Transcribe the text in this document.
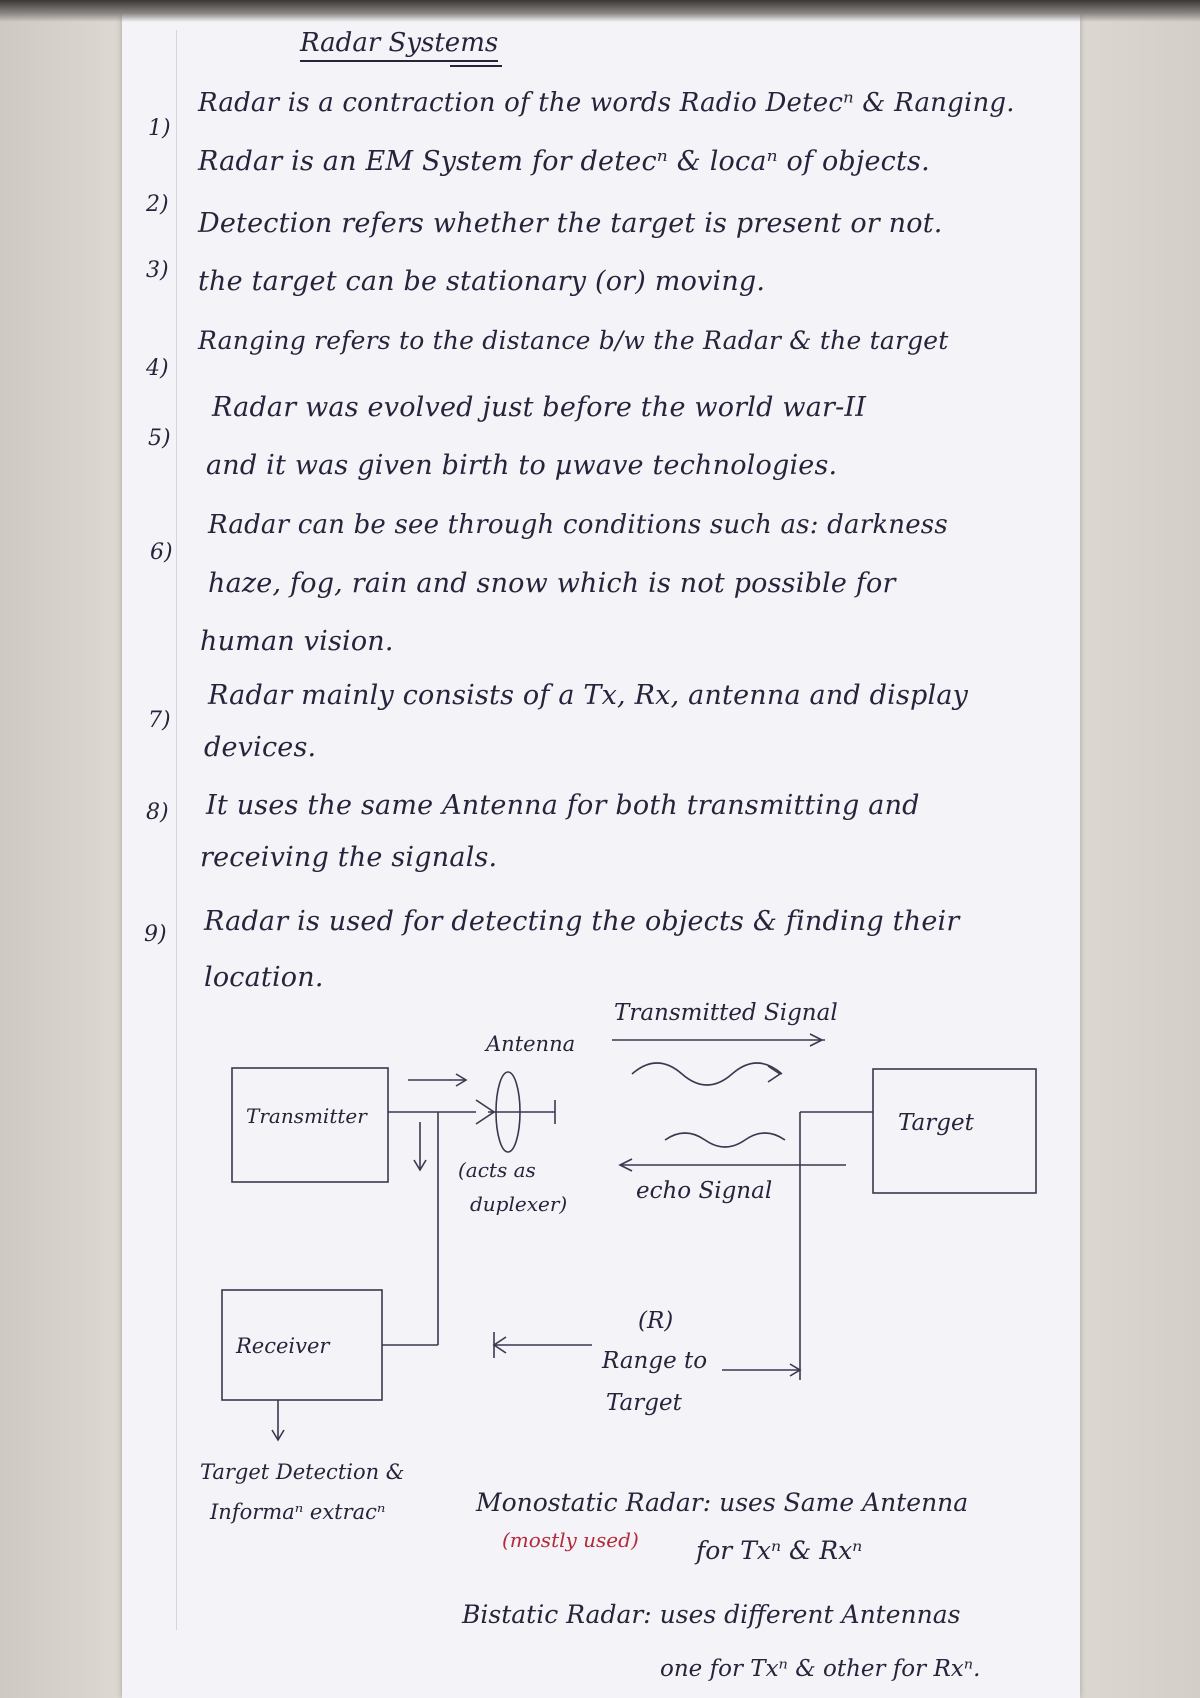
Radar Systems
1)
Radar is a contraction of the words Radio Detecⁿ & Ranging.
2)
Radar is an EM System for detecⁿ & locaⁿ of objects.
3)
Detection refers whether the target is present or not.
the target can be stationary (or) moving.
4)
Ranging refers to the distance b/w the Radar & the target
5)
Radar was evolved just before the world war-II
and it was given birth to µwave technologies.
6)
Radar can be see through conditions such as: darkness
haze, fog, rain and snow which is not possible for
human vision.
7)
Radar mainly consists of a Tx, Rx, antenna and display
devices.
8) It uses the same Antenna for both transmitting and
receiving the signals.
9) Radar is used for detecting the objects & finding their
location.
Transmitted Signal
Antenna
Transmitter	Target
(acts as
duplexer)	echo Signal
Receiver
(R)
Range to
Target
Target Detection &
Informaⁿ extracⁿ	Monostatic Radar: uses Same Antenna
(mostly used) for Txⁿ & Rxⁿ
Bistatic Radar: uses different Antennas
one for Txⁿ & other for Rxⁿ.
